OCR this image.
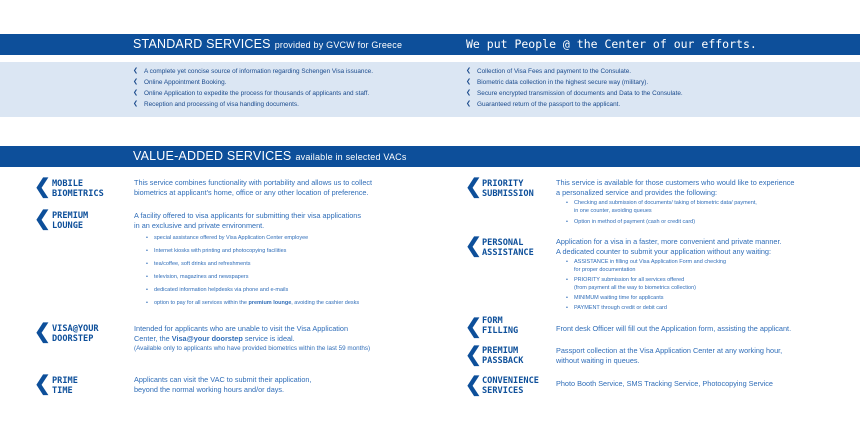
STANDARD SERVICES provided by GVCW for Greece	We put People @ the Center of our efforts.
❮ A complete yet concise source of information regarding Schengen Visa issuance.
❮ Online Appointment Booking.
❮ Online Application to expedite the process for thousands of applicants and staff.
❮ Reception and processing of visa handling documents.
❮ Collection of Visa Fees and payment to the Consulate.
❮ Biometric data collection in the highest secure way (military).
❮ Secure encrypted transmission of documents and Data to the Consulate.
❮ Guaranteed return of the passport to the applicant.
VALUE-ADDED SERVICES available in selected VACs
❮ MOBILE
BIOMETRICS
This service combines functionality with portability and allows us to collect
biometrics at applicant's home, office or any other location of preference.
❮ PREMIUM
LOUNGE
A facility offered to visa applicants for submitting their visa applications
in an exclusive and private environment.
• special assistance offered by Visa Application Center employee
• Internet kiosks with printing and photocopying facilities
• tea/coffee, soft drinks and refreshments
• television, magazines and newspapers
• dedicated information helpdesks via phone and e-mails
• option to pay for all services within the premium lounge, avoiding the cashier desks
❮ VISA@YOUR
DOORSTEP
Intended for applicants who are unable to visit the Visa Application
Center, the Visa@your doorstep service is ideal.
(Available only to applicants who have provided biometrics within the last 59 months)
❮ PRIME
TIME
Applicants can visit the VAC to submit their application,
beyond the normal working hours and/or days.
❮ PRIORITY
SUBMISSION
This service is available for those customers who would like to experience
a personalized service and provides the following:
• Checking and submission of documents/ taking of biometric data/ payment,
in one counter, avoiding queues
• Option in method of payment (cash or credit card)
❮ PERSONAL
ASSISTANCE
Application for a visa in a faster, more convenient and private manner.
A dedicated counter to submit your application without any waiting:
• ASSISTANCE in filling out Visa Application Form and checking
for proper documentation
• PRIORITY submission for all services offered
(from payment all the way to biometrics collection)
• MINIMUM waiting time for applicants
• PAYMENT through credit or debit card
❮ FORM
FILLING	Front desk Officer will fill out the Application form, assisting the applicant.
❮ PREMIUM
PASSBACK
Passport collection at the Visa Application Center at any working hour,
without waiting in queues.
❮ CONVENIENCE
SERVICES
Photo Booth Service, SMS Tracking Service, Photocopying Service
